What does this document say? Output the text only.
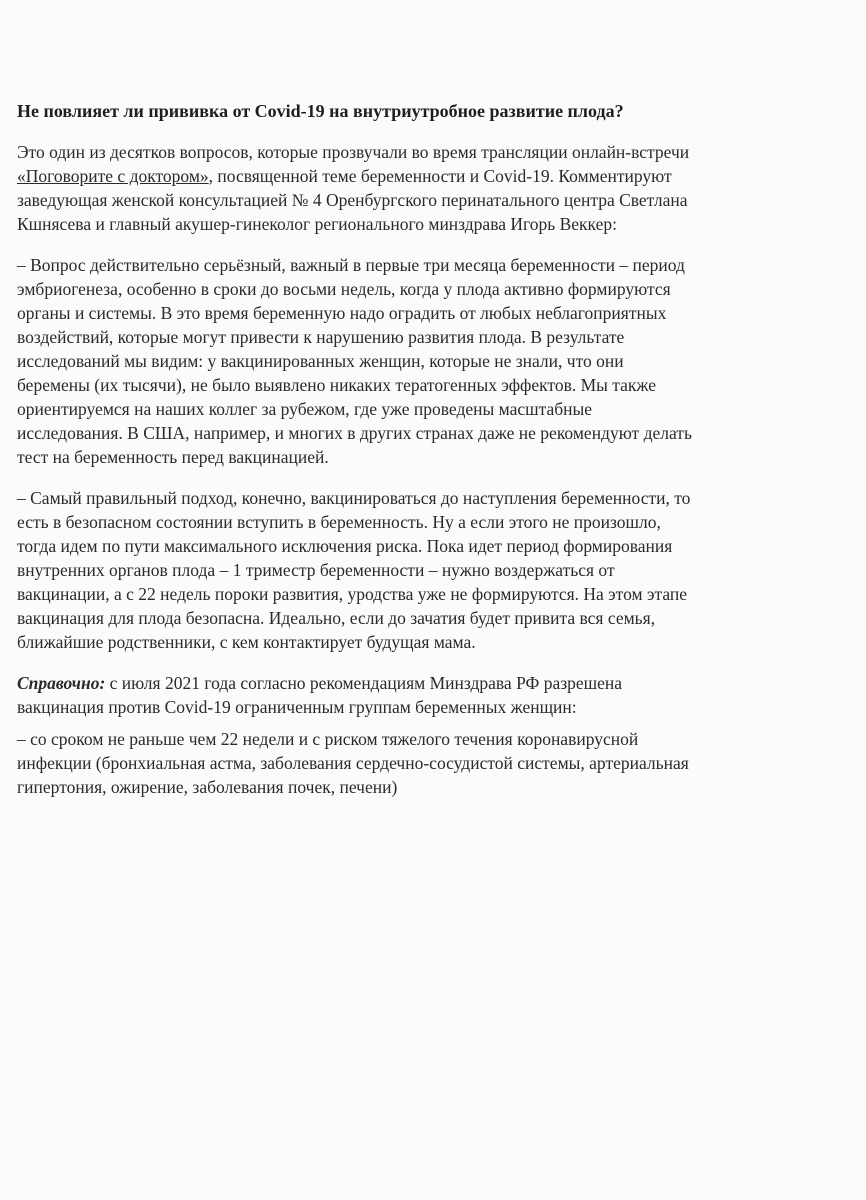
Не повлияет ли прививка от Covid-19 на внутриутробное развитие плода?

Это один из десятков вопросов, которые прозвучали во время трансляции онлайн-встречи
«Поговорите с доктором», посвященной теме беременности и Covid-19. Комментируют
заведующая женской консультацией № 4 Оренбургского перинатального центра Светлана
Кшнясева и главный акушер-гинеколог регионального минздрава Игорь Веккер:

– Вопрос действительно серьёзный, важный в первые три месяца беременности – период
эмбриогенеза, особенно в сроки до восьми недель, когда у плода активно формируются
органы и системы. В это время беременную надо оградить от любых неблагоприятных
воздействий, которые могут привести к нарушению развития плода. В результате
исследований мы видим: у вакцинированных женщин, которые не знали, что они
беремены (их тысячи), не было выявлено никаких тератогенных эффектов. Мы также
ориентируемся на наших коллег за рубежом, где уже проведены масштабные
исследования. В США, например, и многих в других странах даже не рекомендуют делать
тест на беременность перед вакцинацией.

– Самый правильный подход, конечно, вакцинироваться до наступления беременности, то
есть в безопасном состоянии вступить в беременность. Ну а если этого не произошло,
тогда идем по пути максимального исключения риска. Пока идет период формирования
внутренних органов плода – 1 триместр беременности – нужно воздержаться от
вакцинации, а с 22 недель пороки развития, уродства уже не формируются. На этом этапе
вакцинация для плода безопасна. Идеально, если до зачатия будет привита вся семья,
ближайшие родственники, с кем контактирует будущая мама.

Справочно: с июля 2021 года согласно рекомендациям Минздрава РФ разрешена
вакцинация против Covid-19 ограниченным группам беременных женщин:

– со сроком не раньше чем 22 недели и с риском тяжелого течения коронавирусной
инфекции (бронхиальная астма, заболевания сердечно-сосудистой системы, артериальная
гипертония, ожирение, заболевания почек, печени)
